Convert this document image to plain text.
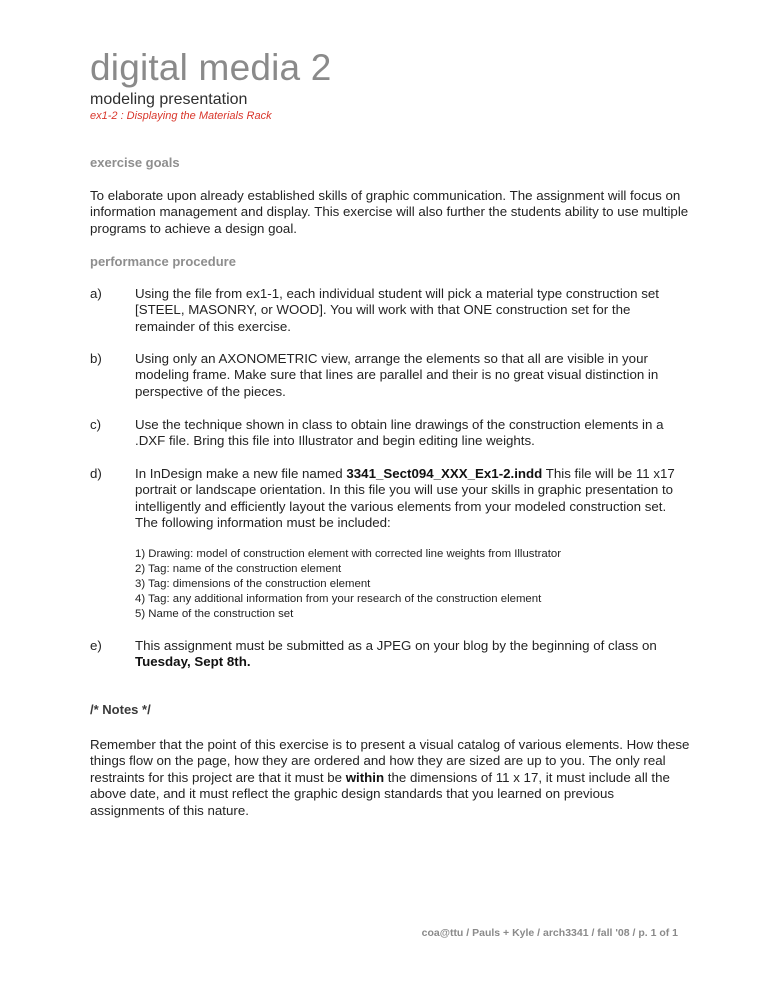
digital media 2
modeling presentation
ex1-2 : Displaying the Materials Rack
exercise goals
To elaborate upon already established skills of graphic communication. The assignment will focus on information management and display. This exercise will also further the students ability to use multiple programs to achieve a design goal.
performance procedure
a) Using the file from ex1-1, each individual student will pick a material type construction set [STEEL, MASONRY, or WOOD]. You will work with that ONE construction set for the remainder of this exercise.
b) Using only an AXONOMETRIC view, arrange the elements so that all are visible in your modeling frame. Make sure that lines are parallel and their is no great visual distinction in perspective of the pieces.
c)	Use the technique shown in class to obtain line drawings of the construction elements in a .DXF file. Bring this file into Illustrator and begin editing line weights.
d) In InDesign make a new file named 3341_Sect094_XXX_Ex1-2.indd This file will be 11 x17 portrait or landscape orientation. In this file you will use your skills in graphic presentation to intelligently and efficiently layout the various elements from your modeled construction set. The following information must be included:
1) Drawing: model of construction element with corrected line weights from Illustrator
2) Tag: name of the construction element
3) Tag: dimensions of the construction element
4) Tag: any additional information from your research of the construction element
5) Name of the construction set
e) This assignment must be submitted as a JPEG on your blog by the beginning of class on Tuesday, Sept 8th.
/* Notes */
Remember that the point of this exercise is to present a visual catalog of various elements. How these things flow on the page, how they are ordered and how they are sized are up to you. The only real restraints for this project are that it must be within the dimensions of 11 x 17, it must include all the above date, and it must reflect the graphic design standards that you learned on previous assignments of this nature.
coa@ttu / Pauls + Kyle / arch3341 / fall '08 / p. 1 of 1
